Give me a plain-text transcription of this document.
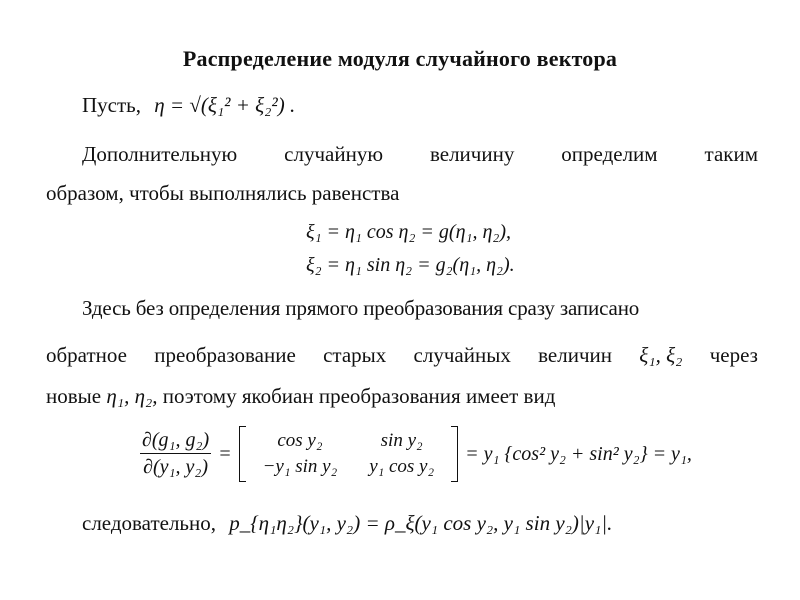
Распределение модуля случайного вектора
Пусть, η = √(ξ₁² + ξ₂²) .
Дополнительную случайную величину определим таким
образом, чтобы выполнялись равенства
ξ₁ = η₁ cos η₂ = g(η₁, η₂),
ξ₂ = η₁ sin η₂ = g₂(η₁, η₂).
Здесь без определения прямого преобразования сразу записано
обратное преобразование старых случайных величин ξ₁, ξ₂ через
новые η₁, η₂, поэтому якобиан преобразования имеет вид
$\frac{\text{∂(g₁, g₂)}}{\text{∂(y₁, y₂)}}$ =
cos y₂	sin y₂
−y₁ sin y₂	y₁ cos y₂
= y₁ {cos² y₂ + sin² y₂} = y₁,
следовательно, p_{η₁η₂}(y₁, y₂) = ρ_ξ(y₁ cos y₂, y₁ sin y₂)|y₁|.
